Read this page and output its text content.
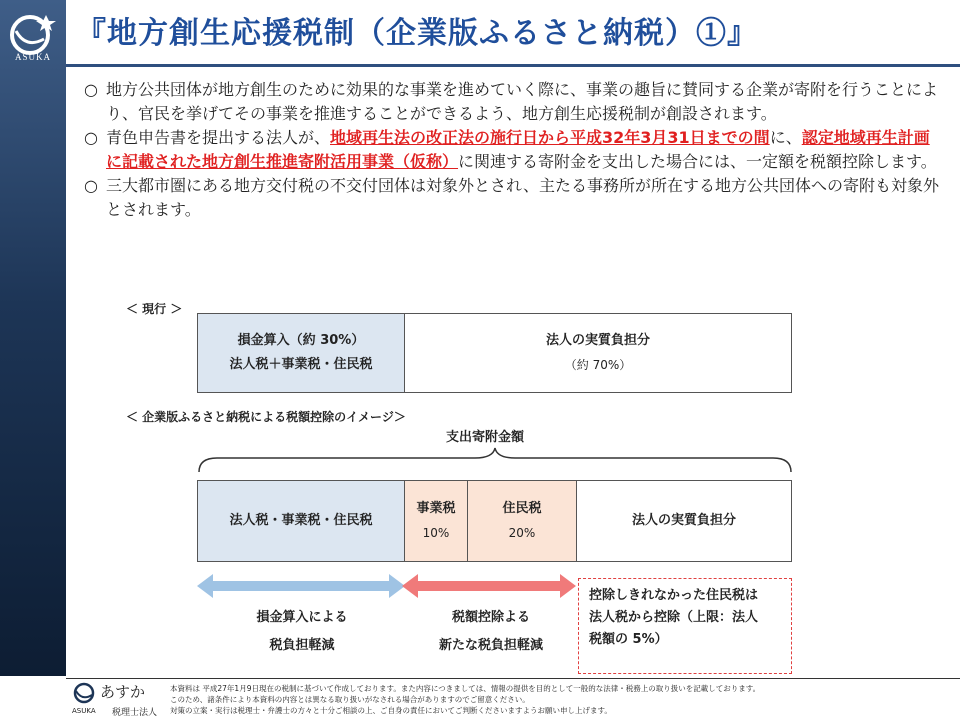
ASUKA
『地方創生応援税制（企業版ふるさと納税）①』
○ 地方公共団体が地方創生のために効果的な事業を進めていく際に、事業の趣旨に賛同する企業が寄附を行うことにより、官民を挙げてその事業を推進することができるよう、地方創生応援税制が創設されます。
○ 青色申告書を提出する法人が、地域再生法の改正法の施行日から平成32年3月31日までの間に、認定地域再生計画に記載された地方創生推進寄附活用事業（仮称）に関連する寄附金を支出した場合には、一定額を税額控除します。
○ 三大都市圏にある地方交付税の不交付団体は対象外とされ、主たる事務所が所在する地方公共団体への寄附も対象外とされます。
＜ 現行 ＞
損金算入（約 30%）
法人税＋事業税・住民税
法人の実質負担分
（約 70%）
＜ 企業版ふるさと納税による税額控除のイメージ＞
支出寄附金額
法人税・事業税・住民税
事業税
10%
住民税
20%
法人の実質負担分
損金算入による
税負担軽減
税額控除よる
新たな税負担軽減
控除しきれなかった住民税は
法人税から控除（上限：法人
税額の 5%）
あすか
ASUKA 税理士法人
本資料は 平成27年1月9日現在の税制に基づいて作成しております。また内容につきましては、情報の提供を目的として一般的な法律・税務上の取り扱いを記載しております。
このため、諸条件により本資料の内容とは異なる取り扱いがなされる場合がありますのでご留意ください。
対策の立案・実行は税理士・弁護士の方々と十分ご相談の上、ご自身の責任においてご判断くださいますようお願い申し上げます。
